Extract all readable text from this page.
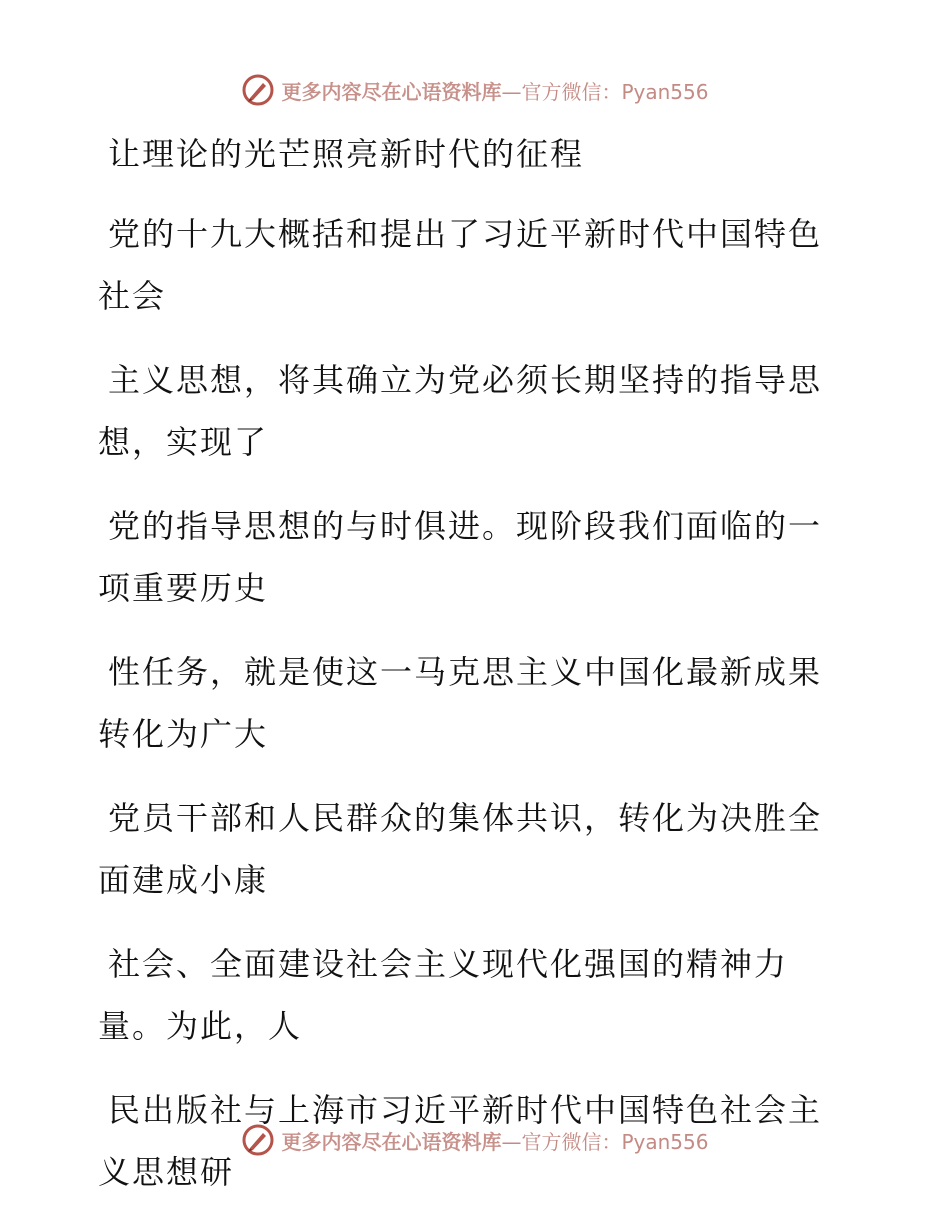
更多内容尽在心语资料库 —官方微信：Pyan556

让理论的光芒照亮新时代的征程

党的十九大概括和提出了习近平新时代中国特色社会

主义思想，将其确立为党必须长期坚持的指导思想，实现了

党的指导思想的与时俱进。现阶段我们面临的一项重要历史

性任务，就是使这一马克思主义中国化最新成果转化为广大

党员干部和人民群众的集体共识，转化为决胜全面建成小康

社会、全面建设社会主义现代化强国的精神力量。为此，人

民出版社与上海市习近平新时代中国特色社会主义思想研

更多内容尽在心语资料库 —官方微信：Pyan556
